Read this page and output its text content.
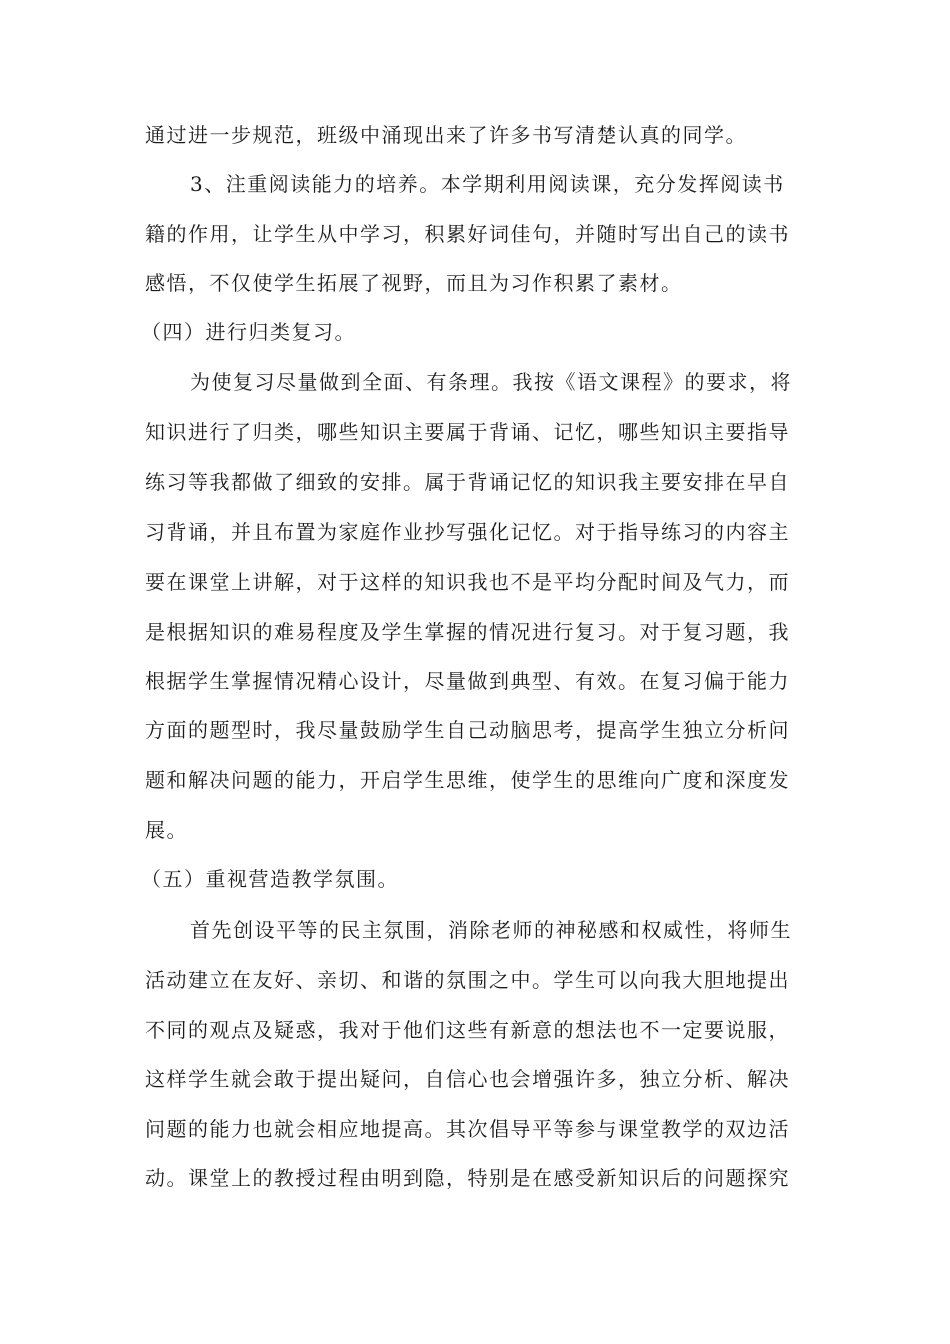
通过进一步规范，班级中涌现出来了许多书写清楚认真的同学。
3、注重阅读能力的培养。本学期利用阅读课，充分发挥阅读书
籍的作用，让学生从中学习，积累好词佳句，并随时写出自己的读书
感悟，不仅使学生拓展了视野，而且为习作积累了素材。
（四）进行归类复习。
为使复习尽量做到全面、有条理。我按《语文课程》的要求，将
知识进行了归类，哪些知识主要属于背诵、记忆，哪些知识主要指导
练习等我都做了细致的安排。属于背诵记忆的知识我主要安排在早自
习背诵，并且布置为家庭作业抄写强化记忆。对于指导练习的内容主
要在课堂上讲解，对于这样的知识我也不是平均分配时间及气力，而
是根据知识的难易程度及学生掌握的情况进行复习。对于复习题，我
根据学生掌握情况精心设计，尽量做到典型、有效。在复习偏于能力
方面的题型时，我尽量鼓励学生自己动脑思考，提高学生独立分析问
题和解决问题的能力，开启学生思维，使学生的思维向广度和深度发
展。
（五）重视营造教学氛围。
首先创设平等的民主氛围，消除老师的神秘感和权威性，将师生
活动建立在友好、亲切、和谐的氛围之中。学生可以向我大胆地提出
不同的观点及疑惑，我对于他们这些有新意的想法也不一定要说服，
这样学生就会敢于提出疑问，自信心也会增强许多，独立分析、解决
问题的能力也就会相应地提高。其次倡导平等参与课堂教学的双边活
动。课堂上的教授过程由明到隐，特别是在感受新知识后的问题探究
